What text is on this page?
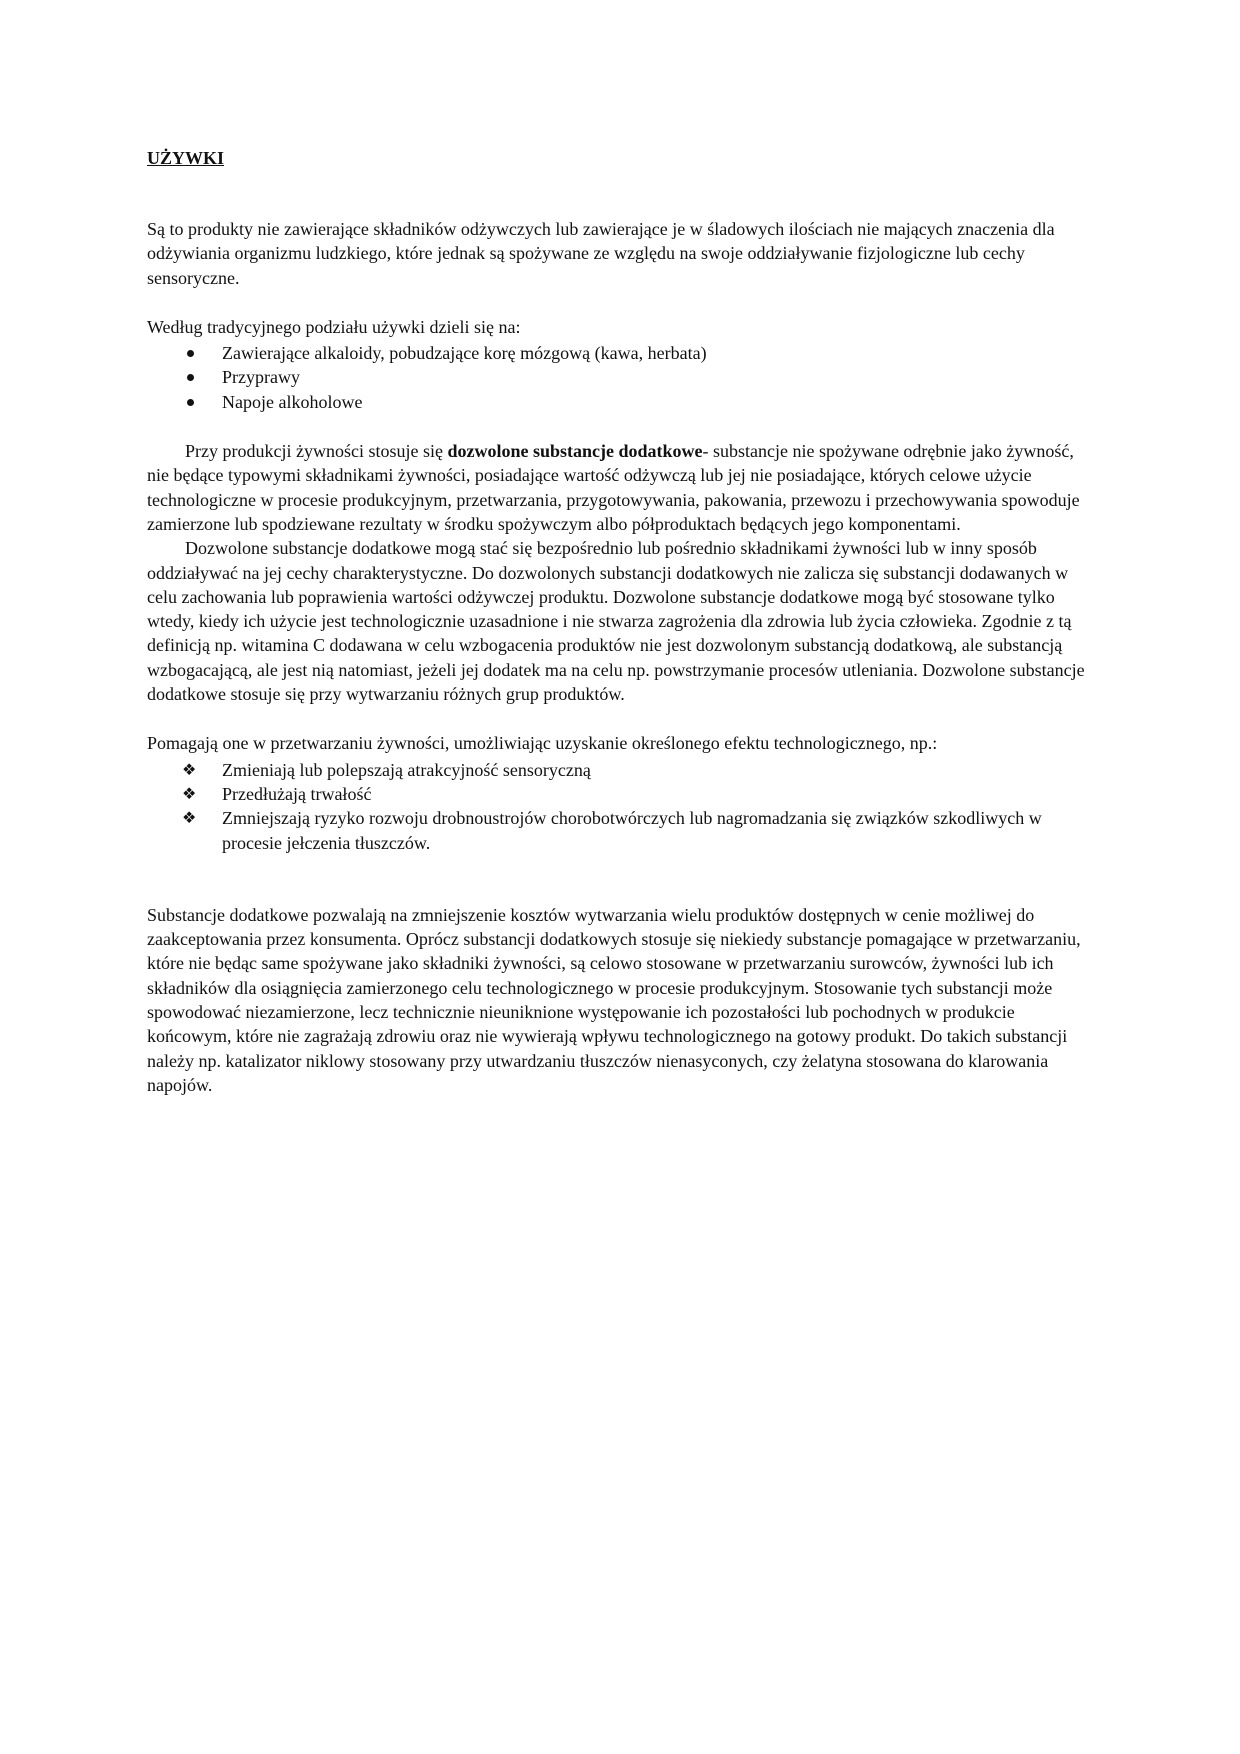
UŻYWKI

Są to produkty nie zawierające składników odżywczych lub zawierające je w śladowych ilościach nie mających znaczenia dla odżywiania organizmu ludzkiego, które jednak są spożywane ze względu na swoje oddziaływanie fizjologiczne lub cechy sensoryczne.

Według tradycyjnego podziału używki dzieli się na:

Zawierające alkaloidy, pobudzające korę mózgową (kawa, herbata)
Przyprawy
Napoje alkoholowe

Przy produkcji żywności stosuje się dozwolone substancje dodatkowe- substancje nie spożywane odrębnie jako żywność, nie będące typowymi składnikami żywności, posiadające wartość odżywczą lub jej nie posiadające, których celowe użycie technologiczne w procesie produkcyjnym, przetwarzania, przygotowywania, pakowania, przewozu i przechowywania spowoduje zamierzone lub spodziewane rezultaty w środku spożywczym albo półproduktach będących jego komponentami.

Dozwolone substancje dodatkowe mogą stać się bezpośrednio lub pośrednio składnikami żywności lub w inny sposób oddziaływać na jej cechy charakterystyczne. Do dozwolonych substancji dodatkowych nie zalicza się substancji dodawanych w celu zachowania lub poprawienia wartości odżywczej produktu. Dozwolone substancje dodatkowe mogą być stosowane tylko wtedy, kiedy ich użycie jest technologicznie uzasadnione i nie stwarza zagrożenia dla zdrowia lub życia człowieka. Zgodnie z tą definicją np. witamina C dodawana w celu wzbogacenia produktów nie jest dozwolonym substancją dodatkową, ale substancją wzbogacającą, ale jest nią natomiast, jeżeli jej dodatek ma na celu np. powstrzymanie procesów utleniania. Dozwolone substancje dodatkowe stosuje się przy wytwarzaniu różnych grup produktów.

Pomagają one w przetwarzaniu żywności, umożliwiając uzyskanie określonego efektu technologicznego, np.:

❖ Zmieniają lub polepszają atrakcyjność sensoryczną
❖ Przedłużają trwałość
❖ Zmniejszają ryzyko rozwoju drobnoustrojów chorobotwórczych lub nagromadzania się związków szkodliwych w procesie jełczenia tłuszczów.

Substancje dodatkowe pozwalają na zmniejszenie kosztów wytwarzania wielu produktów dostępnych w cenie możliwej do zaakceptowania przez konsumenta. Oprócz substancji dodatkowych stosuje się niekiedy substancje pomagające w przetwarzaniu, które nie będąc same spożywane jako składniki żywności, są celowo stosowane w przetwarzaniu surowców, żywności lub ich składników dla osiągnięcia zamierzonego celu technologicznego w procesie produkcyjnym. Stosowanie tych substancji może spowodować niezamierzone, lecz technicznie nieuniknione występowanie ich pozostałości lub pochodnych w produkcie końcowym, które nie zagrażają zdrowiu oraz nie wywierają wpływu technologicznego na gotowy produkt. Do takich substancji należy np. katalizator niklowy stosowany przy utwardzaniu tłuszczów nienasyconych, czy żelatyna stosowana do klarowania napojów.
